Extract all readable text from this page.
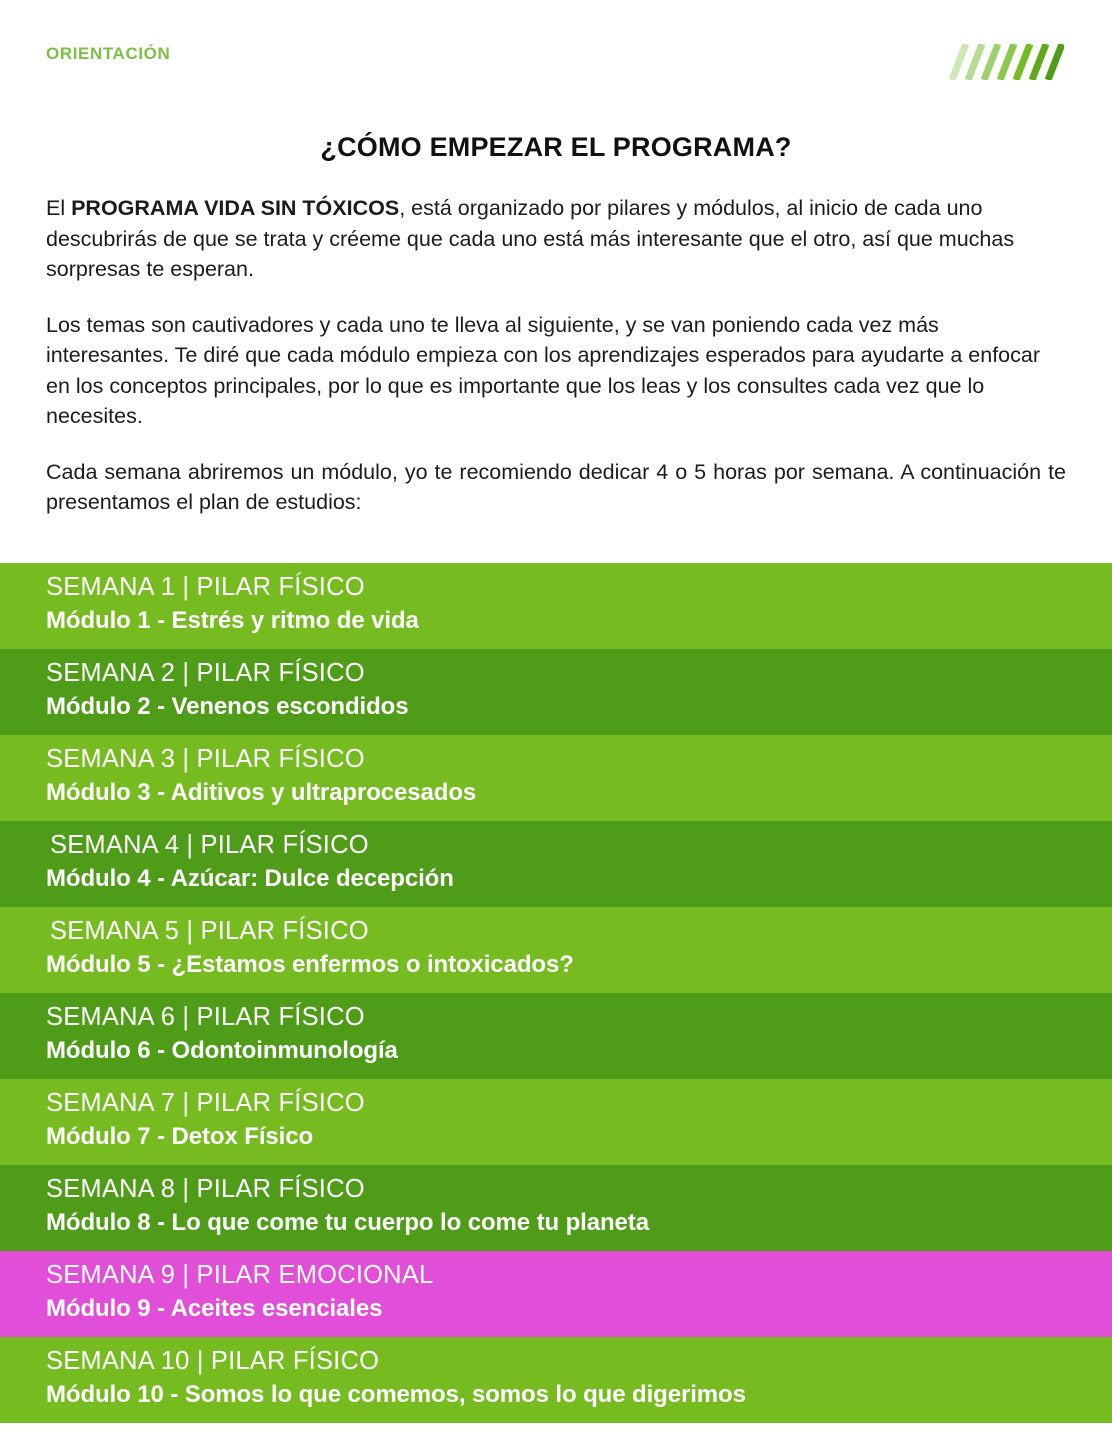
ORIENTACIÓN
¿CÓMO EMPEZAR EL PROGRAMA?

El PROGRAMA VIDA SIN TÓXICOS, está organizado por pilares y módulos, al inicio de cada uno descubrirás de que se trata y créeme que cada uno está más interesante que el otro, así que muchas sorpresas te esperan.

Los temas son cautivadores y cada uno te lleva al siguiente, y se van poniendo cada vez más interesantes. Te diré que cada módulo empieza con los aprendizajes esperados para ayudarte a enfocar en los conceptos principales, por lo que es importante que los leas y los consultes cada vez que lo necesites.

Cada semana abriremos un módulo, yo te recomiendo dedicar 4 o 5 horas por semana. A continuación te presentamos el plan de estudios:

SEMANA 1 | PILAR FÍSICO
Módulo 1 - Estrés y ritmo de vida
SEMANA 2 | PILAR FÍSICO
Módulo 2 - Venenos escondidos
SEMANA 3 | PILAR FÍSICO
Módulo 3 - Aditivos y ultraprocesados
SEMANA 4 | PILAR FÍSICO
Módulo 4 - Azúcar: Dulce decepción
SEMANA 5 | PILAR FÍSICO
Módulo 5 - ¿Estamos enfermos o intoxicados?
SEMANA 6 | PILAR FÍSICO
Módulo 6 - Odontoinmunología
SEMANA 7 | PILAR FÍSICO
Módulo 7 - Detox Físico
SEMANA 8 | PILAR FÍSICO
Módulo 8 - Lo que come tu cuerpo lo come tu planeta
SEMANA 9 | PILAR EMOCIONAL
Módulo 9 - Aceites esenciales
SEMANA 10 | PILAR FÍSICO
Módulo 10 - Somos lo que comemos, somos lo que digerimos
